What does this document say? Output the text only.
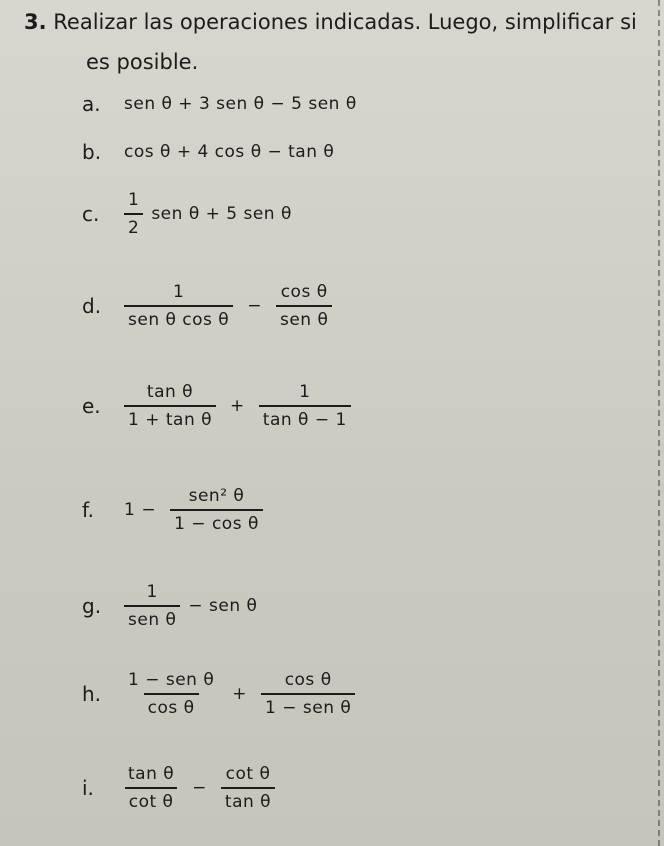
3. Realizar las operaciones indicadas. Luego, simplificar si
es posible.
a.	sen θ + 3 sen θ − 5 sen θ
b.	cos θ + 4 cos θ − tan θ
c.	$\frac{1}{2}$ sen θ + 5 sen θ
d.	$\frac{1}{\text{sen θ cos θ}} - \frac{\text{cos θ}}{\text{sen θ}}$
e.	$\frac{\text{tan θ}}{\text{1 + tan θ}} + \frac{1}{\text{tan θ − 1}}$
f.	$1 - \frac{\text{sen² θ}}{\text{1 − cos θ}}$
g.	$\frac{1}{\text{sen θ}}$ − sen θ
h.	$\frac{\text{1 − sen θ}}{\text{cos θ}} + \frac{\text{cos θ}}{\text{1 − sen θ}}$
i.	$\frac{\text{tan θ}}{\text{cot θ}} - \frac{\text{cot θ}}{\text{tan θ}}$
